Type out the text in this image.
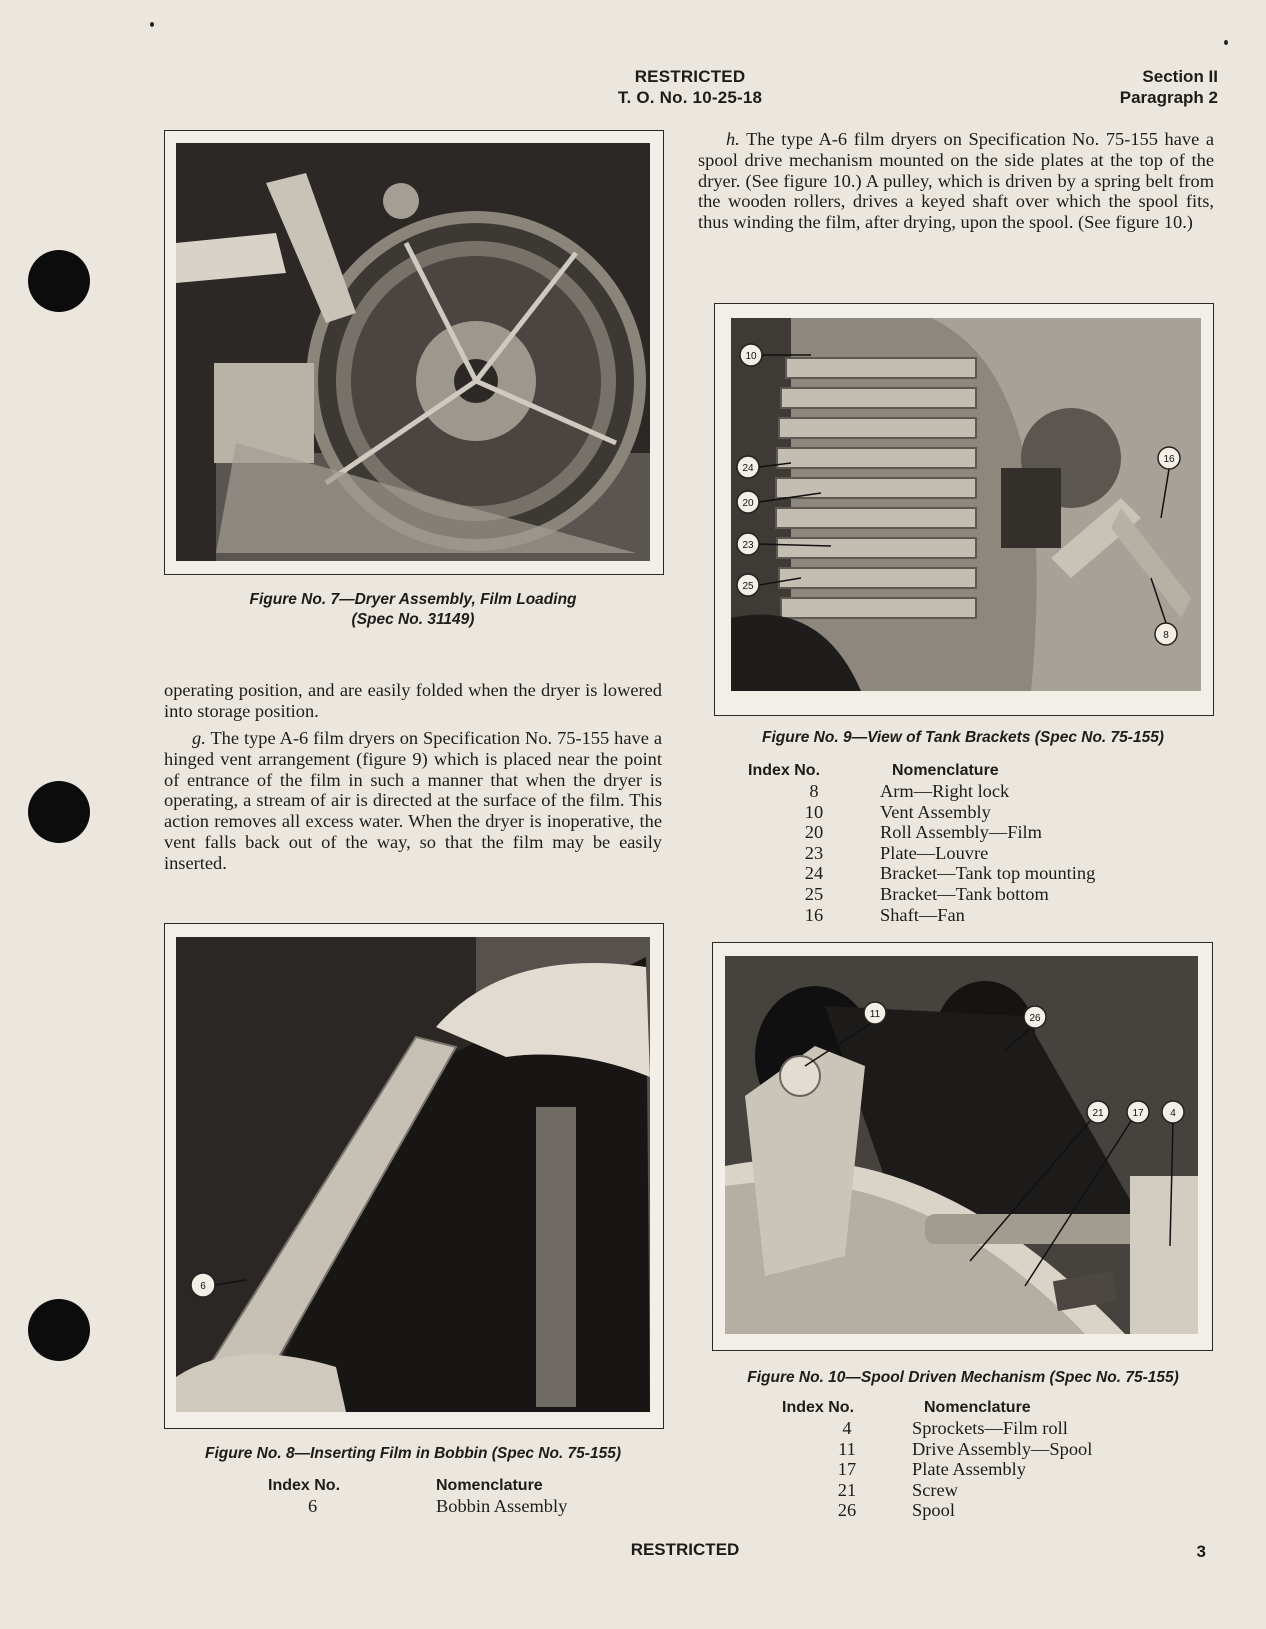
RESTRICTED
T. O. No. 10-25-18
Section II
Paragraph 2
Figure No. 7—Dryer Assembly, Film Loading
(Spec No. 31149)

h. The type A-6 film dryers on Specification No. 75-155 have a spool drive mechanism mounted on the side plates at the top of the dryer. (See figure 10.) A pulley, which is driven by a spring belt from the wooden rollers, drives a keyed shaft over which the spool fits, thus winding the film, after drying, upon the spool. (See figure 10.)

operating position, and are easily folded when the dryer is lowered into storage position.

g. The type A-6 film dryers on Specification No. 75-155 have a hinged vent arrangement (figure 9) which is placed near the point of entrance of the film in such a manner that when the dryer is operating, a stream of air is directed at the surface of the film. This action removes all excess water. When the dryer is inoperative, the vent falls back out of the way, so that the film may be easily inserted.

10
24
20
23
25
16
8
Figure No. 9—View of Tank Brackets (Spec No. 75-155)
Index No.	Nomenclature
8	Arm—Right lock
10	Vent Assembly
20	Roll Assembly—Film
23	Plate—Louvre
24	Bracket—Tank top mounting
25	Bracket—Tank bottom
16	Shaft—Fan
6
Figure No. 8—Inserting Film in Bobbin (Spec No. 75-155)
Index No.	Nomenclature
6	Bobbin Assembly
11	26
21	17	4
Figure No. 10—Spool Driven Mechanism (Spec No. 75-155)
Index No.	Nomenclature
4	Sprockets—Film roll
11	Drive Assembly—Spool
17	Plate Assembly
21	Screw
26	Spool
RESTRICTED	3
